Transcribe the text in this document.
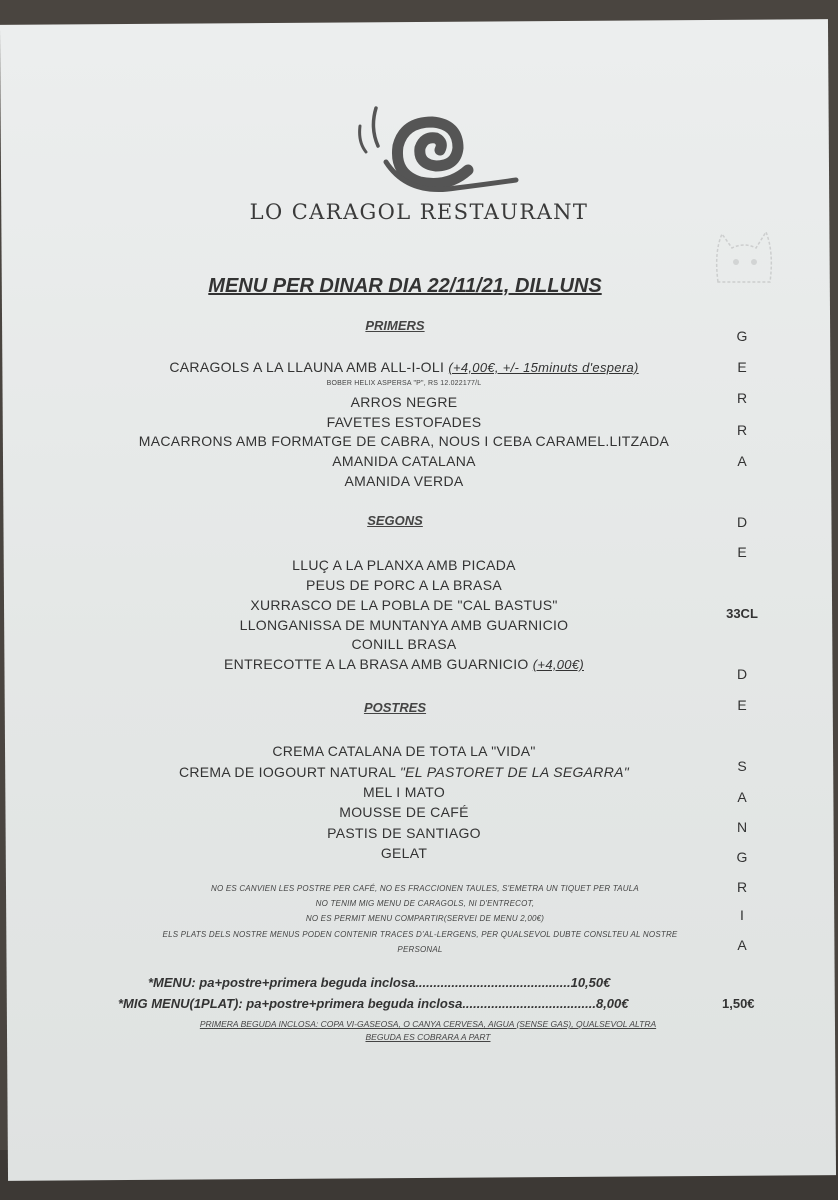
LO CARAGOL RESTAURANT
MENU PER DINAR DIA 22/11/21, DILLUNS
PRIMERS
CARAGOLS A LA LLAUNA AMB ALL-I-OLI (+4,00€, +/- 15minuts d'espera)
BOBER HELIX ASPERSA "P", RS 12.022177/L
ARROS NEGRE
FAVETES ESTOFADES
MACARRONS AMB FORMATGE DE CABRA, NOUS I CEBA CARAMEL.LITZADA
AMANIDA CATALANA
AMANIDA VERDA
SEGONS
LLUÇ A LA PLANXA AMB PICADA
PEUS DE PORC A LA BRASA
XURRASCO DE LA POBLA DE "CAL BASTUS"
LLONGANISSA DE MUNTANYA AMB GUARNICIO
CONILL BRASA
ENTRECOTTE A LA BRASA AMB GUARNICIO (+4,00€)
POSTRES
CREMA CATALANA DE TOTA LA "VIDA"
CREMA DE IOGOURT NATURAL "EL PASTORET DE LA SEGARRA"
MEL I MATO
MOUSSE DE CAFÉ
PASTIS DE SANTIAGO
GELAT
NO ES CANVIEN LES POSTRE PER CAFÉ, NO ES FRACCIONEN TAULES, S'EMETRA UN TIQUET PER TAULA
NO TENIM MIG MENU DE CARAGOLS, NI D'ENTRECOT,
NO ES PERMIT MENU COMPARTIR(SERVEI DE MENU 2,00€)
ELS PLATS DELS NOSTRE MENUS PODEN CONTENIR TRACES D'AL-LERGENS, PER QUALSEVOL DUBTE CONSLTEU AL NOSTRE
PERSONAL
*MENU: pa+postre+primera beguda inclosa...........................................10,50€
*MIG MENU(1PLAT): pa+postre+primera beguda inclosa.....................................8,00€
PRIMERA BEGUDA INCLOSA: COPA VI-GASEOSA, O CANYA CERVESA, AIGUA (SENSE GAS), QUALSEVOL ALTRA
BEGUDA ES COBRARA A PART
G
E
R
R
A
D
E
33CL
D
E
S
A
N
G
R
I
A
1,50€
